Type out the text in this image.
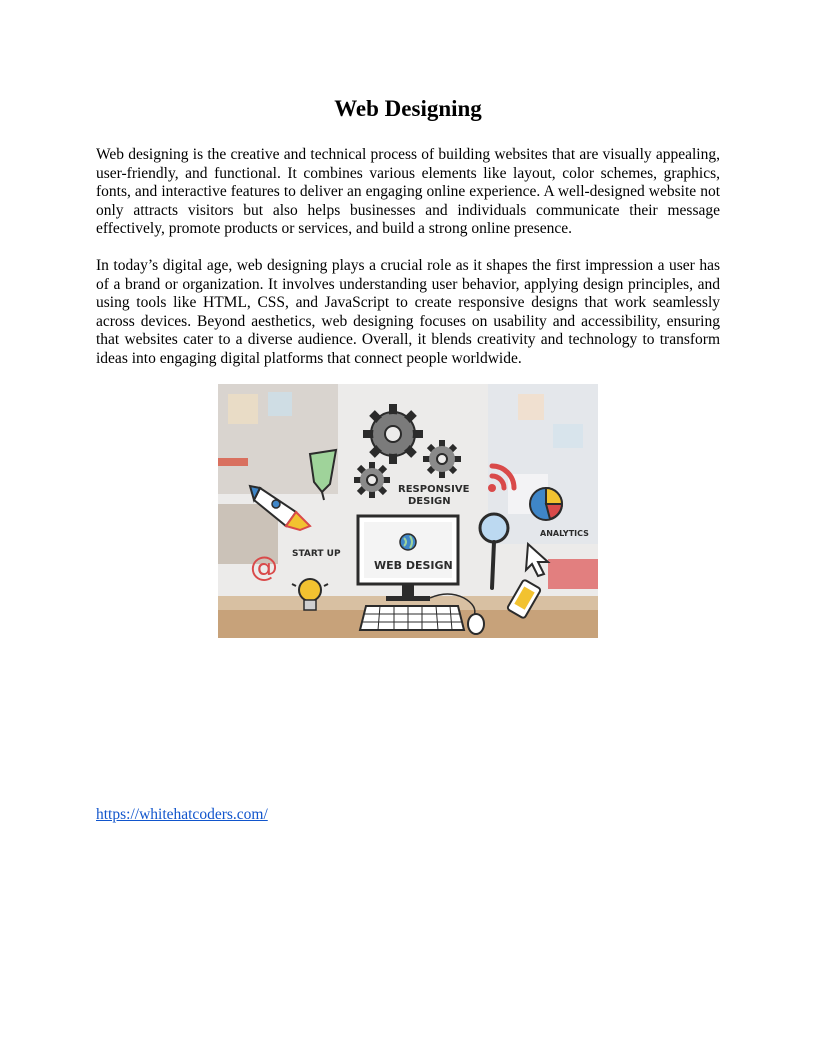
Web Designing

Web designing is the creative and technical process of building websites that are visually appealing, user-friendly, and functional. It combines various elements like layout, color schemes, graphics, fonts, and interactive features to deliver an engaging online experience. A well-designed website not only attracts visitors but also helps businesses and individuals communicate their message effectively, promote products or services, and build a strong online presence.

In today’s digital age, web designing plays a crucial role as it shapes the first impression a user has of a brand or organization. It involves understanding user behavior, applying design principles, and using tools like HTML, CSS, and JavaScript to create responsive designs that work seamlessly across devices. Beyond aesthetics, web designing focuses on usability and accessibility, ensuring that websites cater to a diverse audience. Overall, it blends creativity and technology to transform ideas into engaging digital platforms that connect people worldwide.

RESPONSIVE
DESIGN
ANALYTICS
@ START UP
WEB DESIGN
https://whitehatcoders.com/
